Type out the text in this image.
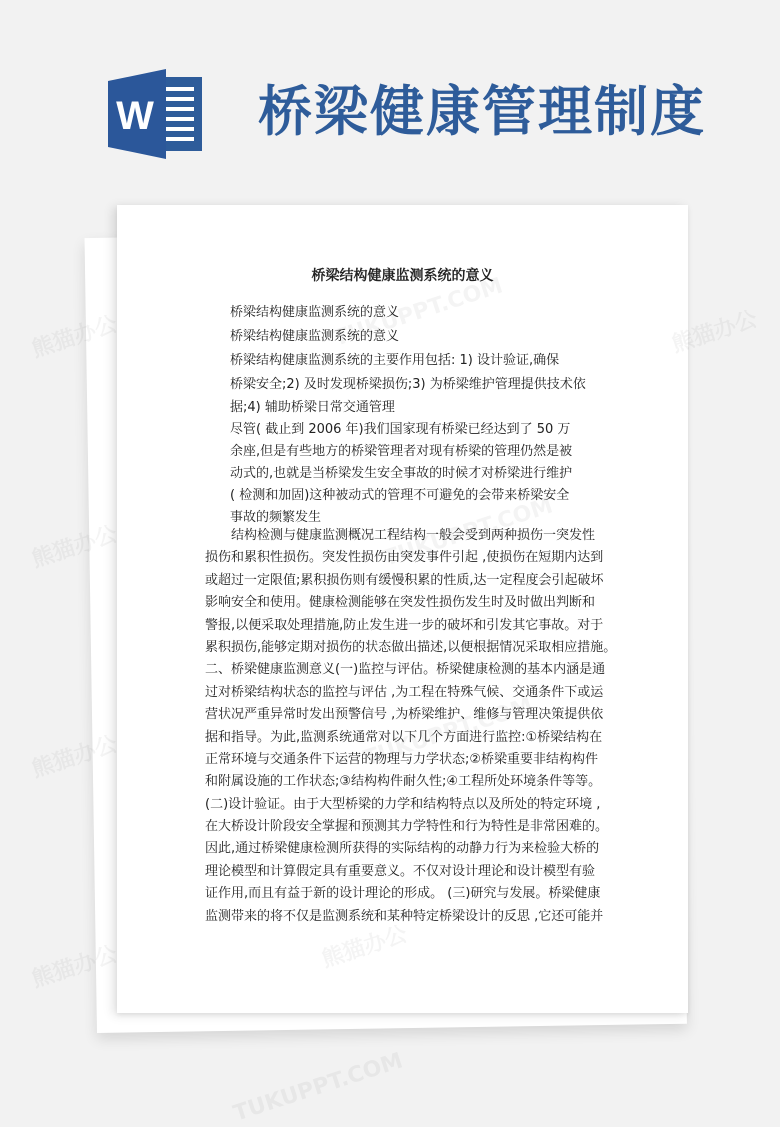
W 桥梁健康管理制度
桥梁结构健康监测系统的意义
桥梁结构健康监测系统的意义
桥梁结构健康监测系统的意义
桥梁结构健康监测系统的主要作用包括: 1) 设计验证,确保
桥梁安全;2) 及时发现桥梁损伤;3) 为桥梁维护管理提供技术依
据;4) 辅助桥梁日常交通管理
尽管( 截止到 2006 年)我们国家现有桥梁已经达到了 50 万
余座,但是有些地方的桥梁管理者对现有桥梁的管理仍然是被
动式的,也就是当桥梁发生安全事故的时候才对桥梁进行维护
( 检测和加固)这种被动式的管理不可避免的会带来桥梁安全
事故的频繁发生
结构检测与健康监测概况工程结构一般会受到两种损伤一突发性
损伤和累积性损伤。突发性损伤由突发事件引起 ,使损伤在短期内达到
或超过一定限值;累积损伤则有缓慢积累的性质,达一定程度会引起破坏
影响安全和使用。健康检测能够在突发性损伤发生时及时做出判断和
警报,以便采取处理措施,防止发生进一步的破坏和引发其它事故。对于
累积损伤,能够定期对损伤的状态做出描述,以便根据情况采取相应措施。
二、桥梁健康监测意义(一)监控与评估。桥梁健康检测的基本内涵是通
过对桥梁结构状态的监控与评估 ,为工程在特殊气候、交通条件下或运
营状况严重异常时发出预警信号 ,为桥梁维护、维修与管理决策提供依
据和指导。为此,监测系统通常对以下几个方面进行监控:①桥梁结构在
正常环境与交通条件下运营的物理与力学状态;②桥梁重要非结构构件
和附属设施的工作状态;③结构构件耐久性;④工程所处环境条件等等。
(二)设计验证。由于大型桥梁的力学和结构特点以及所处的特定环境 ,
在大桥设计阶段安全掌握和预测其力学特性和行为特性是非常困难的。
因此,通过桥梁健康检测所获得的实际结构的动静力行为来检验大桥的
理论模型和计算假定具有重要意义。不仅对设计理论和设计模型有验
证作用,而且有益于新的设计理论的形成。 (三)研究与发展。桥梁健康
监测带来的将不仅是监测系统和某种特定桥梁设计的反思 ,它还可能并
